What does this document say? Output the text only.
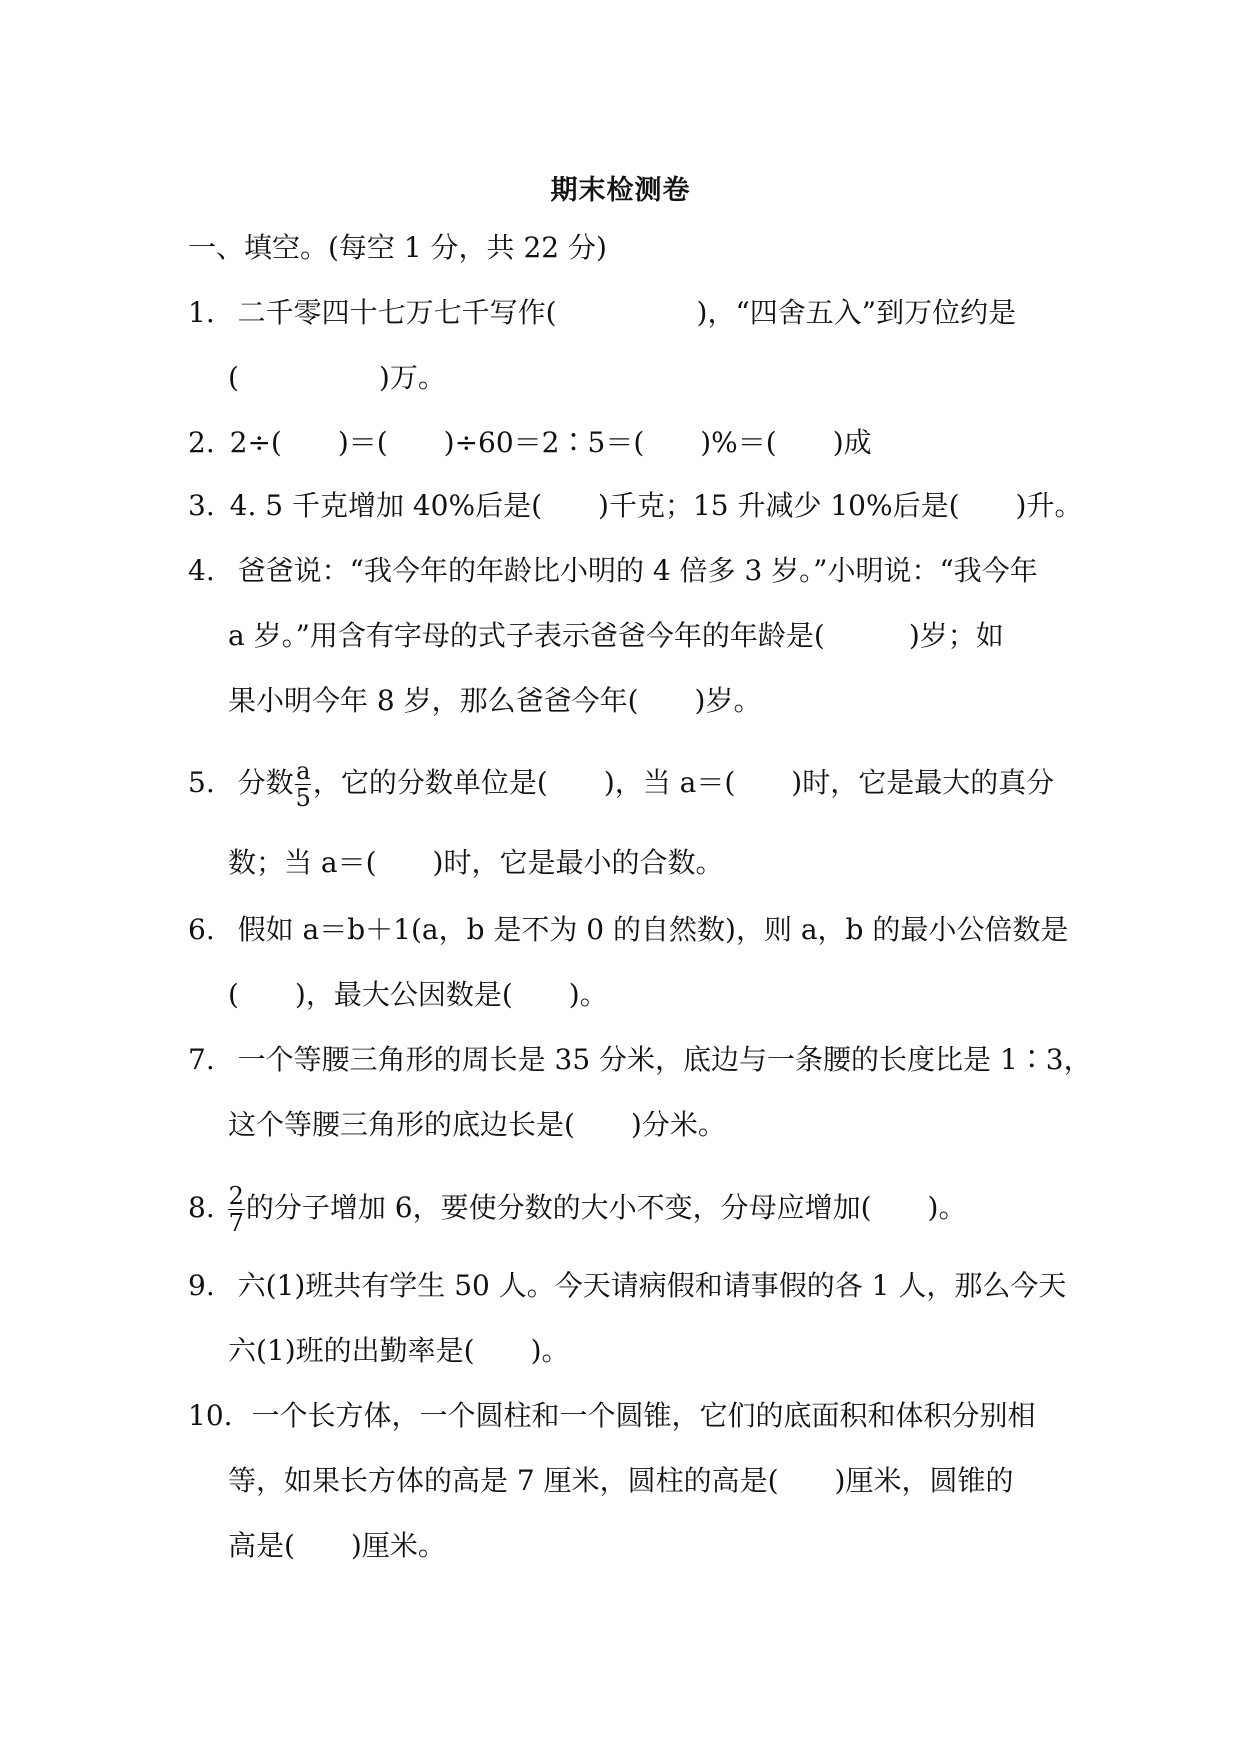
期末检测卷
一、填空。(每空 1 分，共 22 分)
1. 二千零四十七万七千写作(　　　　　)，“四舍五入”到万位约是
(　　　　　)万。
2. 2÷(　　)＝(　　)÷60＝2∶5＝(　　)%＝(　　)成
3. 4. 5 千克增加 40%后是(　　)千克；15 升减少 10%后是(　　)升。
4. 爸爸说：“我今年的年龄比小明的 4 倍多 3 岁。”小明说：“我今年
a 岁。”用含有字母的式子表示爸爸今年的年龄是(　　　)岁；如
果小明今年 8 岁，那么爸爸今年(　　)岁。
5. 分数 $\frac{a}{5}$ ，它的分数单位是(　　)，当 a＝(　　)时，它是最大的真分
数；当 a＝(　　)时，它是最小的合数。
6. 假如 a＝b＋1(a，b 是不为 0 的自然数)，则 a，b 的最小公倍数是
(　　)，最大公因数是(　　)。
7. 一个等腰三角形的周长是 35 分米，底边与一条腰的长度比是 1∶3，
这个等腰三角形的底边长是(　　)分米。
8. $\frac{2}{7}$ 的分子增加 6，要使分数的大小不变，分母应增加(　　)。
9. 六(1)班共有学生 50 人。今天请病假和请事假的各 1 人，那么今天
六(1)班的出勤率是(　　)。
10. 一个长方体，一个圆柱和一个圆锥，它们的底面积和体积分别相
等，如果长方体的高是 7 厘米，圆柱的高是(　　)厘米，圆锥的
高是(　　)厘米。
